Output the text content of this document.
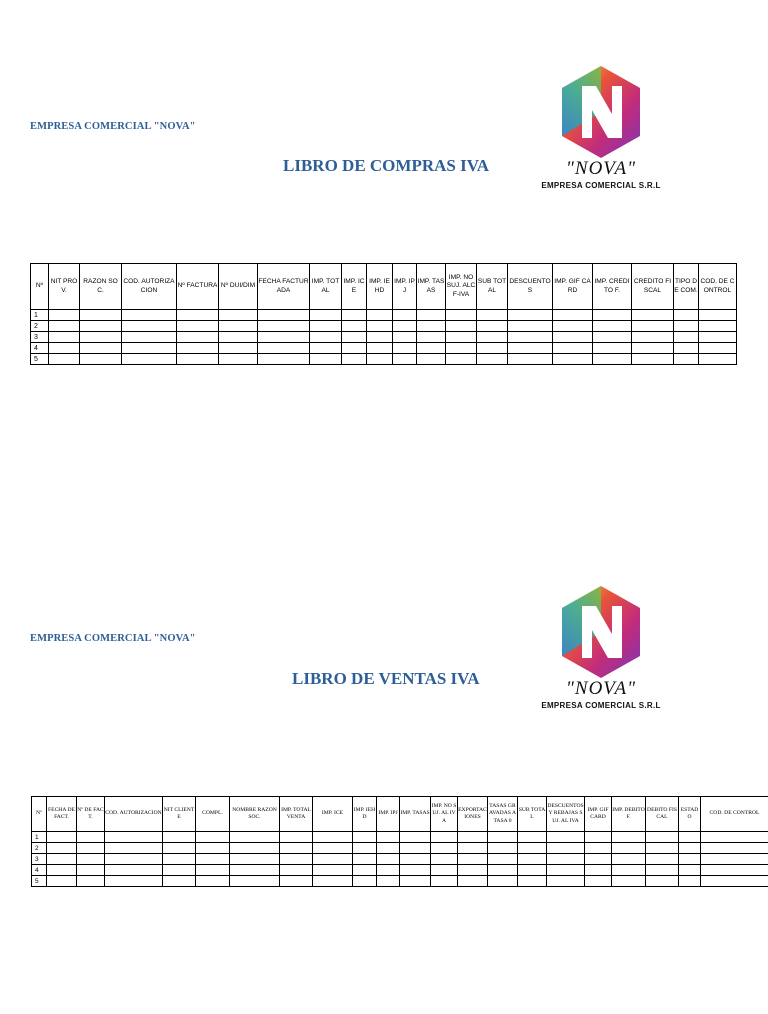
EMPRESA COMERCIAL "NOVA"
LIBRO DE COMPRAS IVA	"NOVA"
EMPRESA COMERCIAL S.R.L
Nº	NIT PROV.	RAZON SOC.	COD. AUTORIZACION	Nº FACTURA	Nº DUI/DIM	FECHA FACTURADA	IMP. TOTAL	IMP. ICE	IMP. IEHD	IMP. IPJ	IMP. TASAS	IMP. NO SUJ. ALCF-IVA	SUB TOTAL	DESCUENTOS	IMP. GIF CARD	IMP. CREDITO F.	CREDITO FISCAL	TIPO DE COM.	COD. DE CONTROL
1																			
2																			
3																			
4																			
5																			
EMPRESA COMERCIAL "NOVA"
LIBRO DE VENTAS IVA	"NOVA"
EMPRESA COMERCIAL S.R.L
Nº	FECHA DE FACT.	Nº DE FACT.	COD. AUTORIZACION	NIT CLIENTE	COMPL.	NOMBRE RAZON SOC.	IMP. TOTAL VENTA	IMP. ICE	IMP. IEHD	IMP. IPJ	IMP. TASAS	IMP. NO SUJ. AL IVA	EXPORTACIONES	TASAS GRAVADAS A TASA 0	SUB TOTAL	DESCUENTOS Y REBAJAS SUJ. AL IVA	IMP. GIF CARD	IMP. DEBITO F.	DEBITO FISCAL	ESTADO	COD. DE CONTROL
1																					
2																					
3																					
4																					
5																					
